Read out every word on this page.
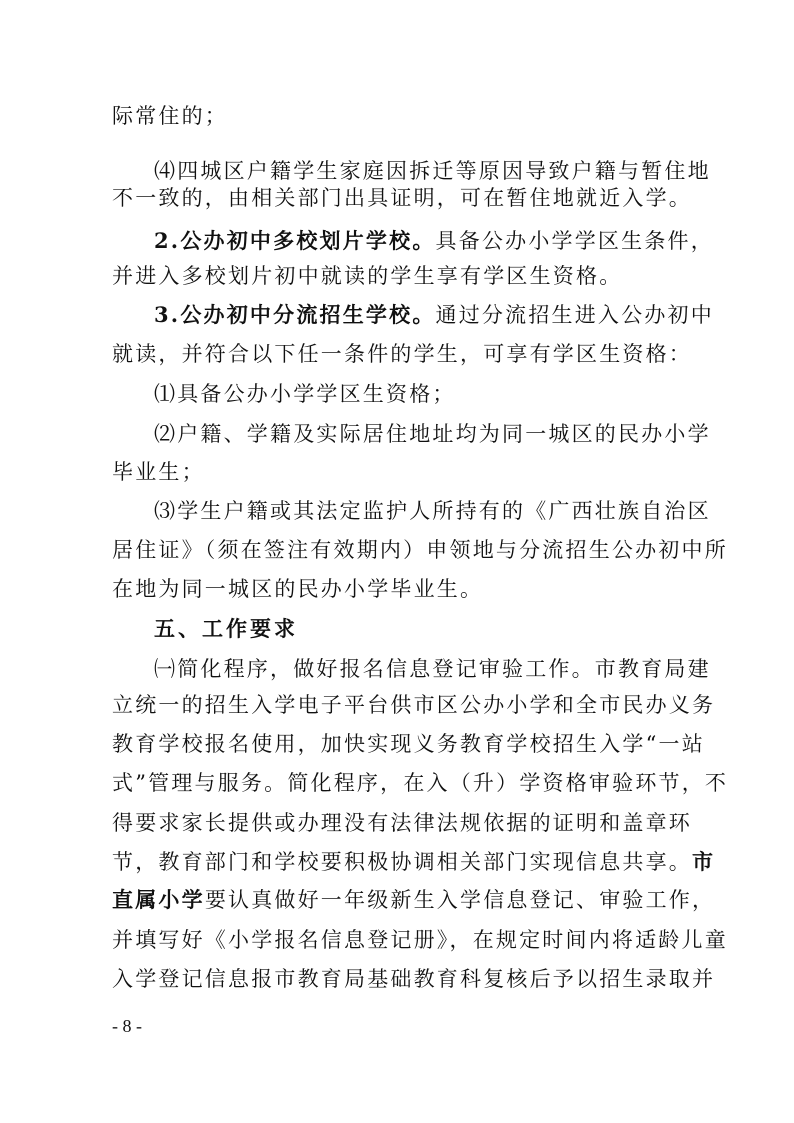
际常住的；
⑷四城区户籍学生家庭因拆迁等原因导致户籍与暂住地
不一致的，由相关部门出具证明，可在暂住地就近入学。
2.公办初中多校划片学校。具备公办小学学区生条件，
并进入多校划片初中就读的学生享有学区生资格。
3.公办初中分流招生学校。通过分流招生进入公办初中
就读，并符合以下任一条件的学生，可享有学区生资格：
⑴具备公办小学学区生资格；
⑵户籍、学籍及实际居住地址均为同一城区的民办小学
毕业生；
⑶学生户籍或其法定监护人所持有的《广西壮族自治区
居住证》（须在签注有效期内）申领地与分流招生公办初中所
在地为同一城区的民办小学毕业生。
五、工作要求
㈠简化程序，做好报名信息登记审验工作。市教育局建
立统一的招生入学电子平台供市区公办小学和全市民办义务
教育学校报名使用，加快实现义务教育学校招生入学“一站
式”管理与服务。简化程序，在入（升）学资格审验环节，不
得要求家长提供或办理没有法律法规依据的证明和盖章环
节，教育部门和学校要积极协调相关部门实现信息共享。市
直属小学要认真做好一年级新生入学信息登记、审验工作，
并填写好《小学报名信息登记册》，在规定时间内将适龄儿童
入学登记信息报市教育局基础教育科复核后予以招生录取并
- 8 -
